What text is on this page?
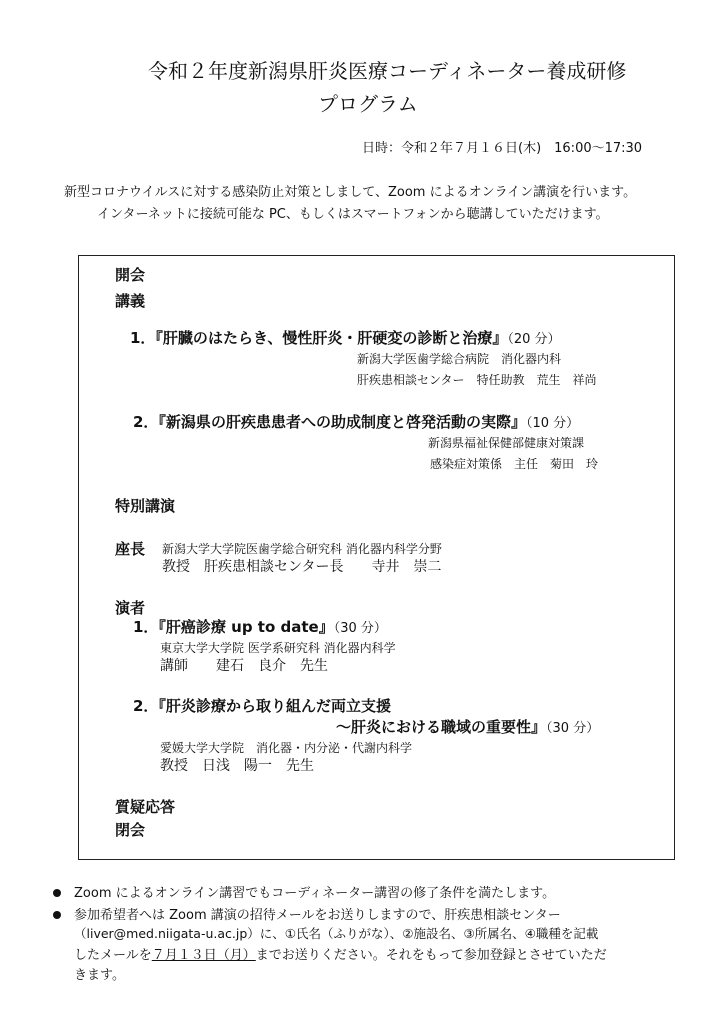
令和２年度新潟県肝炎医療コーディネーター養成研修
プログラム
日時：令和２年７月１６日(木)　16:00～17:30
新型コロナウイルスに対する感染防止対策としまして、Zoom によるオンライン講演を行います。
インターネットに接続可能な PC、もしくはスマートフォンから聴講していただけます。
開会
講義
1．『肝臓のはたらき、慢性肝炎・肝硬変の診断と治療』（20 分）
新潟大学医歯学総合病院　消化器内科
肝疾患相談センター　特任助教　荒生　祥尚
2．『新潟県の肝疾患患者への助成制度と啓発活動の実際』（10 分）
新潟県福祉保健部健康対策課
感染症対策係　主任　菊田　玲
特別講演
座長 新潟大学大学院医歯学総合研究科 消化器内科学分野
教授　肝疾患相談センター長　　寺井　崇二
演者
1．『肝癌診療 up to date』（30 分）
東京大学大学院 医学系研究科 消化器内科学
講師　　建石　良介　先生
2．『肝炎診療から取り組んだ両立支援
～肝炎における職域の重要性』（30 分）
愛媛大学大学院　消化器・内分泌・代謝内科学
教授　日浅　陽一　先生
質疑応答
閉会
Zoom によるオンライン講習でもコーディネーター講習の修了条件を満たします。
参加希望者へは Zoom 講演の招待メールをお送りしますので、肝疾患相談センター
（liver@med.niigata-u.ac.jp）に、①氏名（ふりがな）、②施設名、③所属名、④職種を記載
したメールを７月１３日（月）までお送りください。それをもって参加登録とさせていただ
きます。
